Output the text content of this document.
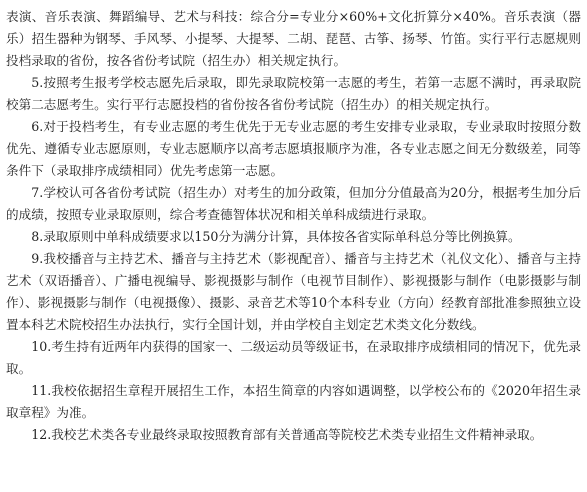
表演、音乐表演、舞蹈编导、艺术与科技：综合分=专业分×60%+文化折算分×40%。音乐表演（器乐）招生器种为钢琴、手风琴、小提琴、大提琴、二胡、琵琶、古筝、扬琴、竹笛。实行平行志愿规则投档录取的省份，按各省份考试院（招生办）相关规定执行。

5.按照考生报考学校志愿先后录取，即先录取院校第一志愿的考生，若第一志愿不满时，再录取院校第二志愿考生。实行平行志愿投档的省份按各省份考试院（招生办）的相关规定执行。

6.对于投档考生，有专业志愿的考生优先于无专业志愿的考生安排专业录取，专业录取时按照分数优先、遵循专业志愿原则，专业志愿顺序以高考志愿填报顺序为准，各专业志愿之间无分数级差，同等条件下（录取排序成绩相同）优先考虑第一志愿。

7.学校认可各省份考试院（招生办）对考生的加分政策，但加分分值最高为20分，根据考生加分后的成绩，按照专业录取原则，综合考查德智体状况和相关单科成绩进行录取。

8.录取原则中单科成绩要求以150分为满分计算，具体按各省实际单科总分等比例换算。

9.我校播音与主持艺术、播音与主持艺术（影视配音）、播音与主持艺术（礼仪文化）、播音与主持艺术（双语播音）、广播电视编导、影视摄影与制作（电视节目制作）、影视摄影与制作（电影摄影与制作）、影视摄影与制作（电视摄像）、摄影、录音艺术等10个本科专业（方向）经教育部批准参照独立设置本科艺术院校招生办法执行，实行全国计划，并由学校自主划定艺术类文化分数线。

10.考生持有近两年内获得的国家一、二级运动员等级证书，在录取排序成绩相同的情况下，优先录取。

11.我校依据招生章程开展招生工作，本招生简章的内容如遇调整，以学校公布的《2020年招生录取章程》为准。

12.我校艺术类各专业最终录取按照教育部有关普通高等院校艺术类专业招生文件精神录取。
